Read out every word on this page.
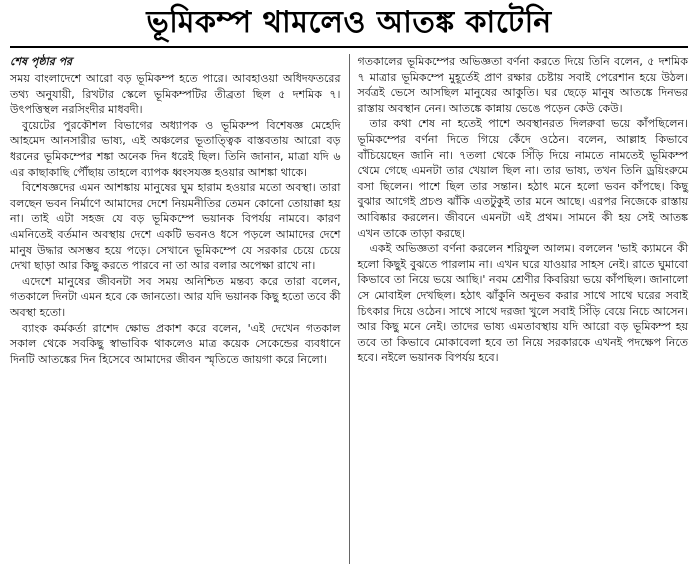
ভূমিকম্প থামলেও আতঙ্ক কাটেনি
শেষ পৃষ্ঠার পর

সময় বাংলাদেশে আরো বড় ভূমিকম্প হতে পারে। আবহাওয়া অধিদফতরের তথ্য অনুযায়ী, রিখটার স্কেলে ভূমিকম্পটির তীব্রতা ছিল ৫ দশমিক ৭। উৎপত্তিস্থল নরসিংদীর মাধবদী।

বুয়েটের পুরকৌশল বিভাগের অধ্যাপক ও ভূমিকম্প বিশেষজ্ঞ মেহেদি আহমেদ আনসারীর ভাষ্য, এই অঞ্চলের ভূতাত্ত্বিক বাস্তবতায় আরো বড় ধরনের ভূমিকম্পের শঙ্কা অনেক দিন ধরেই ছিল। তিনি জানান, মাত্রা যদি ৬ এর কাছাকাছি পৌঁছায় তাহলে ব্যাপক ধ্বংসযজ্ঞ হওয়ার আশঙ্কা থাকে।

বিশেষজ্ঞদের এমন আশঙ্কায় মানুষের ঘুম হারাম হওয়ার মতো অবস্থা। তারা বলছেন ভবন নির্মাণে আমাদের দেশে নিয়মনীতির তেমন কোনো তোয়াক্কা হয় না। তাই এটা সহজ যে বড় ভূমিকম্পে ভয়ানক বিপর্যয় নামবে। কারণ এমনিতেই বর্তমান অবস্থায় দেশে একটি ভবনও ধসে পড়লে আমাদের দেশে মানুষ উদ্ধার অসম্ভব হয়ে পড়ে। সেখানে ভূমিকম্পে যে সরকার চেয়ে চেয়ে দেখা ছাড়া আর কিছু করতে পারবে না তা আর বলার অপেক্ষা রাখে না।

এদেশে মানুষের জীবনটা সব সময় অনিশ্চিত মন্তব্য করে তারা বলেন, গতকালে দিনটা এমন হবে কে জানতো। আর যদি ভয়ানক কিছু হতো তবে কী অবস্থা হতো।

ব্যাংক কর্মকর্তা রাশেদ ক্ষোভ প্রকাশ করে বলেন, 'এই দেখেন গতকাল সকাল থেকে সবকিছু স্বাভাবিক থাকলেও মাত্র কয়েক সেকেন্ডের ব্যবধানে দিনটি আতঙ্কের দিন হিসেবে আমাদের জীবন স্মৃতিতে জায়গা করে নিলো।

গতকালের ভূমিকম্পের অভিজ্ঞতা বর্ণনা করতে দিয়ে তিনি বলেন, ৫ দশমিক ৭ মাত্রার ভূমিকম্পে মুহূর্তেই প্রাণ রক্ষার চেষ্টায় সবাই পেরেশান হয়ে উঠল। সর্বত্রই ভেসে আসছিল মানুষের আকুতি। ঘর ছেড়ে মানুষ আতঙ্কে দিনভর রাস্তায় অবস্থান নেন। আতঙ্কে কান্নায় ভেঙে পড়েন কেউ কেউ।

তার কথা শেষ না হতেই পাশে অবস্থানরত দিলরুবা ভয়ে কাঁপছিলেন। ভূমিকম্পের বর্ণনা দিতে গিয়ে কেঁদে ওঠেন। বলেন, আল্লাহ কিভাবে বাঁচিয়েছেন জানি না। ৭তলা থেকে সিঁড়ি দিয়ে নামতে নামতেই ভূমিকম্প থেমে গেছে এমনটা তার খেয়াল ছিল না। তার ভাষ্য, তখন তিনি ড্রয়িংরুমে বসা ছিলেন। পাশে ছিল তার সন্তান। হঠাৎ মনে হলো ভবন কাঁপছে। কিছু বুঝার আগেই প্রচণ্ড ঝাঁকি এতটুকুই তার মনে আছে। এরপর নিজেকে রাস্তায় আবিষ্কার করলেন। জীবনে এমনটা এই প্রথম। সামনে কী হয় সেই আতঙ্ক এখন তাকে তাড়া করছে।

একই অভিজ্ঞতা বর্ণনা করলেন শরিফুল আলম। বললেন 'ভাই ক্যামনে কী হলো কিছুই বুঝতে পারলাম না। এখন ঘরে যাওয়ার সাহস নেই। রাতে ঘুমাবো কিভাবে তা নিয়ে ভয়ে আছি।' নবম শ্রেণীর কিবরিয়া ভয়ে কাঁপছিল। জানালো সে মোবাইল দেখছিল। হঠাৎ ঝাঁকুনি অনুভব করার সাথে সাথে ঘরের সবাই চিৎকার দিয়ে ওঠেন। সাথে সাথে দরজা খুলে সবাই সিঁড়ি বেয়ে নিচে আসেন। আর কিছু মনে নেই। তাদের ভাষ্য এমতাবস্থায় যদি আরো বড় ভূমিকম্প হয় তবে তা কিভাবে মোকাবেলা হবে তা নিয়ে সরকারকে এখনই পদক্ষেপ নিতে হবে। নইলে ভয়ানক বিপর্যয় হবে।
